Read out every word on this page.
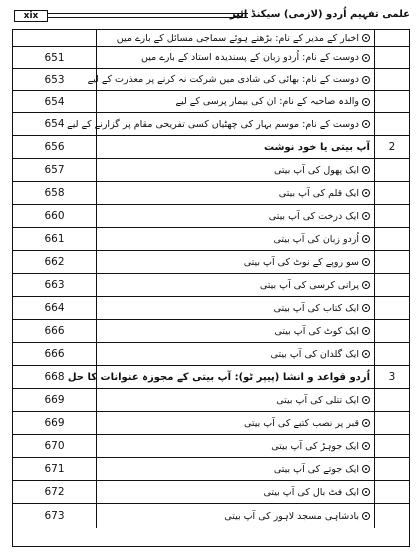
xix	علمی تفہیم اُردو (لازمی) سیکنڈ ائیر
اخبار کے مدیر کے نام: بڑھتے ہوئے سماجی مسائل کے بارے میں
651	دوست کے نام: اُردو زبان کے پسندیدہ استاد کے بارے میں
653	دوست کے نام: بھائی کی شادی میں شرکت نہ کرنے پر معذرت کے لیے
654	والدہ صاحبہ کے نام: ان کی بیمار پرسی کے لیے
654 دوست کے نام: موسم بہار کی چھٹیاں کسی تفریحی مقام پر گزارنے کے لیے
656	آپ بیتی یا خود نوشت	2
657	ایک پھول کی آپ بیتی
658	ایک قلم کی آپ بیتی
660	ایک درخت کی آپ بیتی
661	اُردو زبان کی آپ بیتی
662	سو روپے کے نوٹ کی آپ بیتی
663	پرانی کرسی کی آپ بیتی
664	ایک کتاب کی آپ بیتی
666	ایک کوٹ کی آپ بیتی
666	ایک گلدان کی آپ بیتی
668 اُردو قواعد و انشا (پیپر ٹو): آپ بیتی کے مجوزہ عنوانات کا حل	3
669	ایک تتلی کی آپ بیتی
669	قبر پر نصب کتبے کی آپ بیتی
670	ایک جوہڑ کی آپ بیتی
671	ایک جوتے کی آپ بیتی
672	ایک فٹ بال کی آپ بیتی
673	بادشاہی مسجد لاہور کی آپ بیتی
